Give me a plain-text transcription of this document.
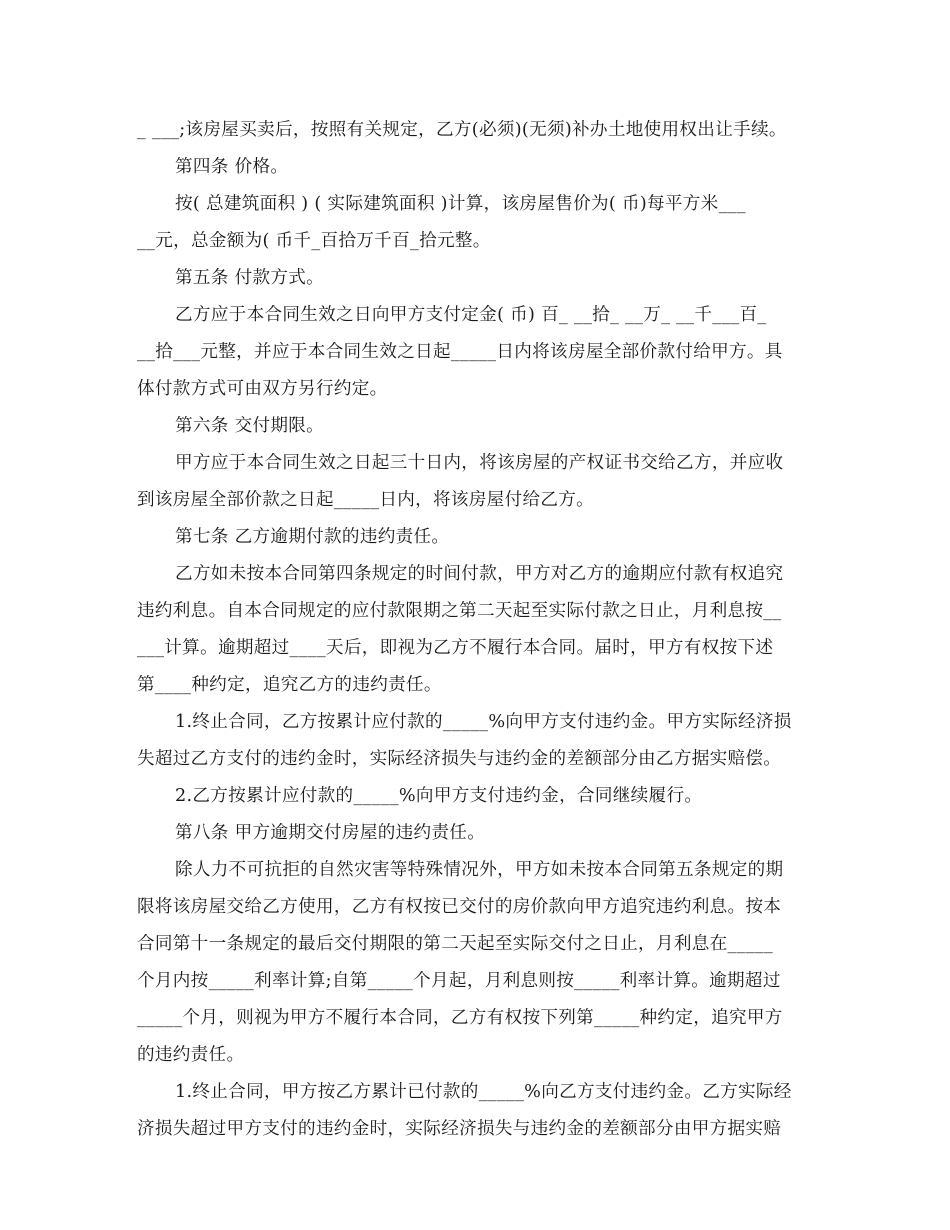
_ ___;该房屋买卖后，按照有关规定，乙方(必须)(无须)补办土地使用权出让手续。
第四条 价格。
按( 总建筑面积 ) ( 实际建筑面积 )计算，该房屋售价为( 币)每平方米___
__元，总金额为( 币千_百拾万千百_拾元整。
第五条 付款方式。
乙方应于本合同生效之日向甲方支付定金( 币) 百_ __拾_ __万_ __千___百_
__拾___元整，并应于本合同生效之日起_____日内将该房屋全部价款付给甲方。具
体付款方式可由双方另行约定。
第六条 交付期限。
甲方应于本合同生效之日起三十日内，将该房屋的产权证书交给乙方，并应收
到该房屋全部价款之日起_____日内，将该房屋付给乙方。
第七条 乙方逾期付款的违约责任。
乙方如未按本合同第四条规定的时间付款，甲方对乙方的逾期应付款有权追究
违约利息。自本合同规定的应付款限期之第二天起至实际付款之日止，月利息按__
___计算。逾期超过____天后，即视为乙方不履行本合同。届时，甲方有权按下述
第____种约定，追究乙方的违约责任。
1.终止合同，乙方按累计应付款的_____%向甲方支付违约金。甲方实际经济损
失超过乙方支付的违约金时，实际经济损失与违约金的差额部分由乙方据实赔偿。
2.乙方按累计应付款的_____%向甲方支付违约金，合同继续履行。
第八条 甲方逾期交付房屋的违约责任。
除人力不可抗拒的自然灾害等特殊情况外，甲方如未按本合同第五条规定的期
限将该房屋交给乙方使用，乙方有权按已交付的房价款向甲方追究违约利息。按本
合同第十一条规定的最后交付期限的第二天起至实际交付之日止，月利息在_____
个月内按_____利率计算;自第_____个月起，月利息则按_____利率计算。逾期超过
_____个月，则视为甲方不履行本合同，乙方有权按下列第_____种约定，追究甲方
的违约责任。
1.终止合同，甲方按乙方累计已付款的_____%向乙方支付违约金。乙方实际经
济损失超过甲方支付的违约金时，实际经济损失与违约金的差额部分由甲方据实赔
